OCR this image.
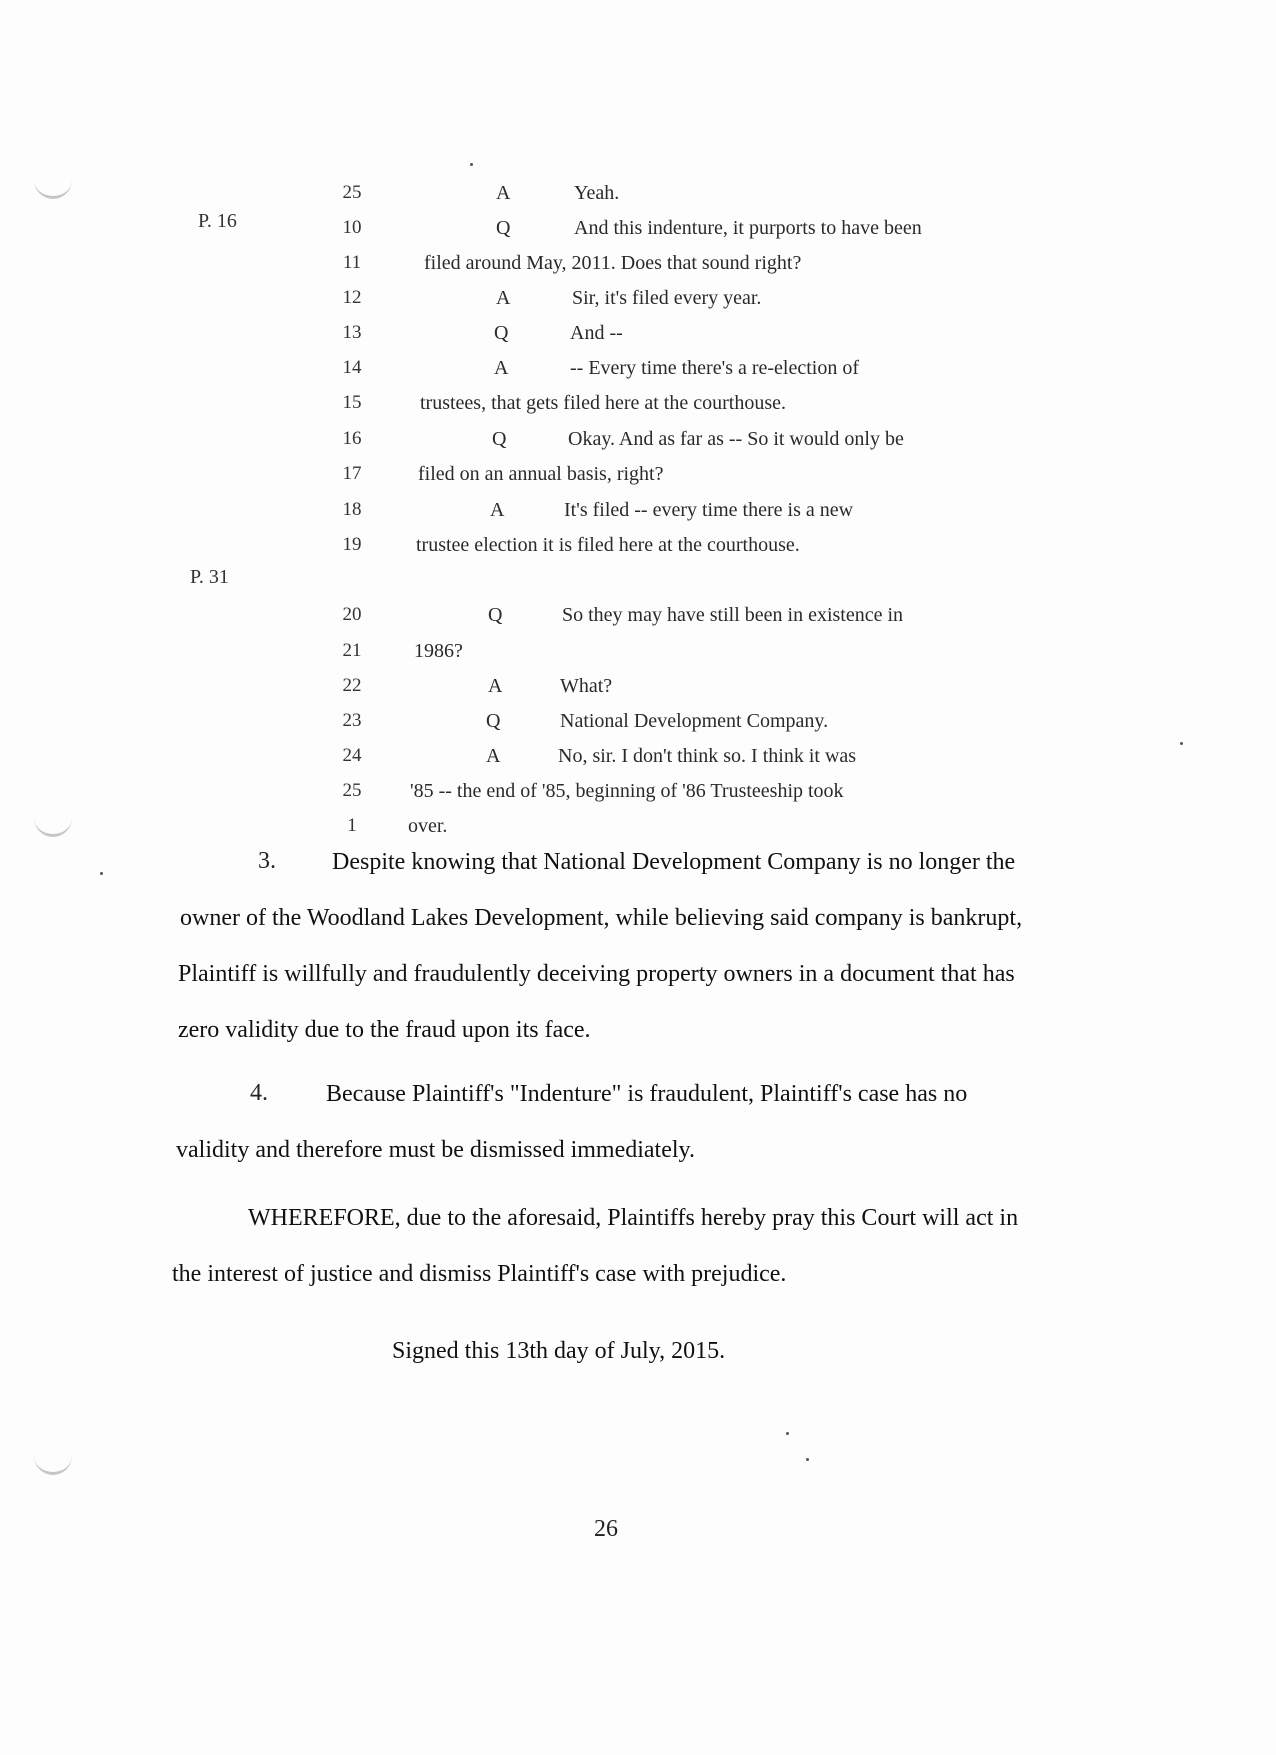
P. 16
P. 31
25	A	Yeah.
10	Q	And this indenture, it purports to have been
11	filed around May, 2011. Does that sound right?
12	A	Sir, it's filed every year.
13	Q	And --
14	A	-- Every time there's a re-election of
15	trustees, that gets filed here at the courthouse.
16	Q	Okay. And as far as -- So it would only be
17	filed on an annual basis, right?
18	A	It's filed -- every time there is a new
19	trustee election it is filed here at the courthouse.
20	Q	So they may have still been in existence in
21	1986?
22	A	What?
23	Q	National Development Company.
24	A	No, sir. I don't think so. I think it was
25	'85 -- the end of '85, beginning of '86 Trusteeship took
1	over.
3. Despite knowing that National Development Company is no longer the
owner of the Woodland Lakes Development, while believing said company is bankrupt,
Plaintiff is willfully and fraudulently deceiving property owners in a document that has
zero validity due to the fraud upon its face.
4. Because Plaintiff's "Indenture" is fraudulent, Plaintiff's case has no
validity and therefore must be dismissed immediately.
WHEREFORE, due to the aforesaid, Plaintiffs hereby pray this Court will act in
the interest of justice and dismiss Plaintiff's case with prejudice.
Signed this 13th day of July, 2015.
26
